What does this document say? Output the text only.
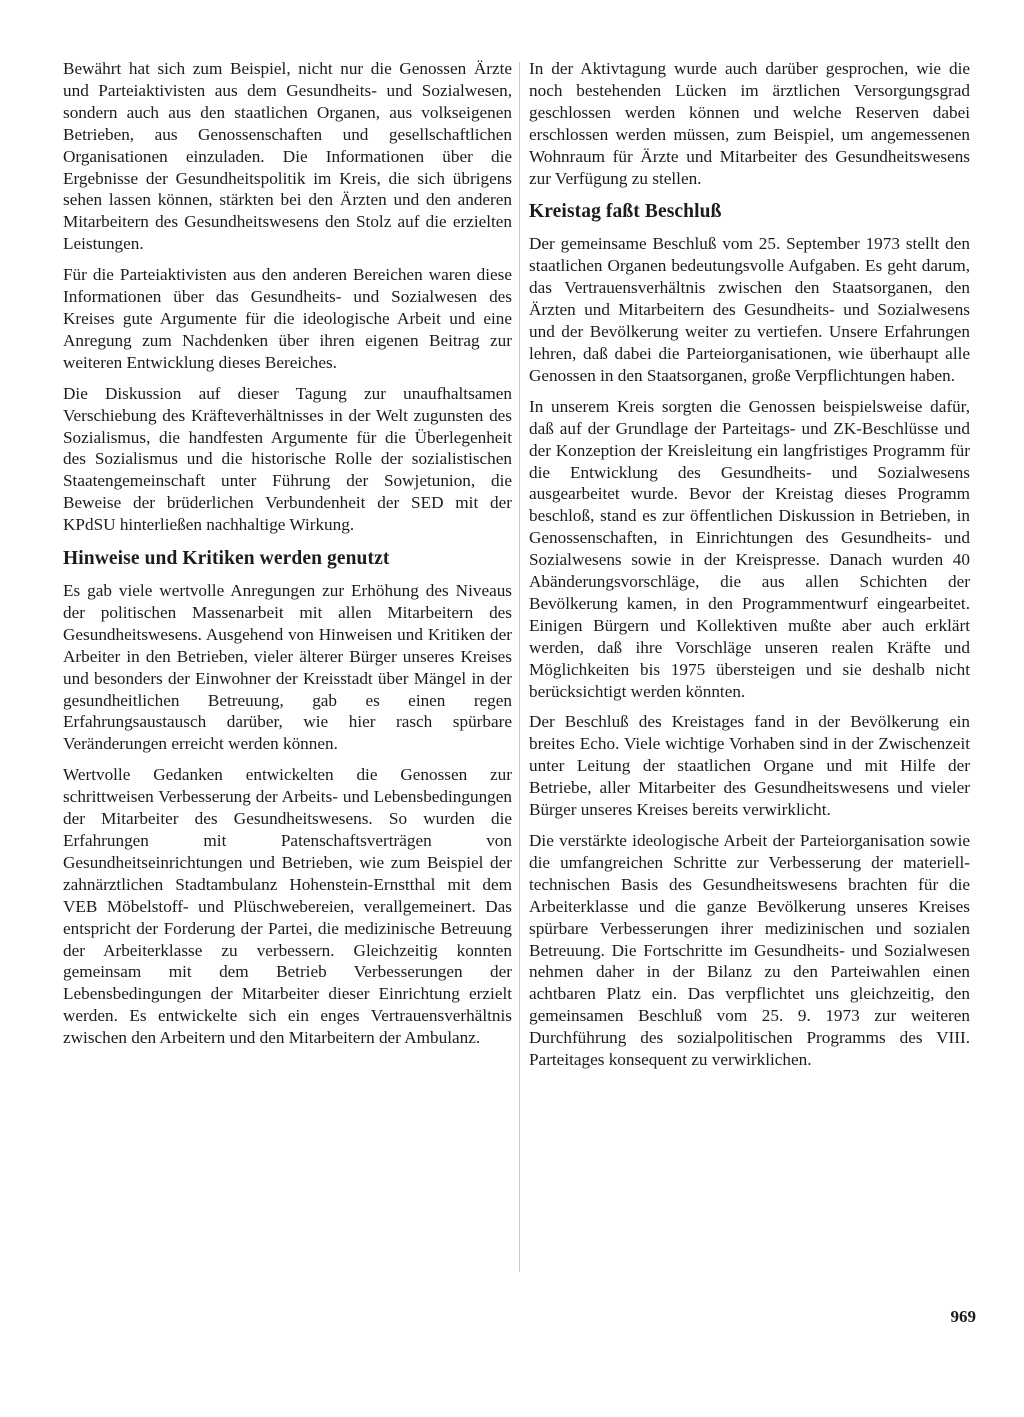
Bewährt hat sich zum Beispiel, nicht nur die Genossen Ärzte und Parteiaktivisten aus dem Gesundheits- und Sozialwesen, sondern auch aus den staatlichen Organen, aus volkseigenen Betrieben, aus Genossenschaften und gesellschaftlichen Organisationen einzuladen. Die Informationen über die Ergebnisse der Gesundheitspolitik im Kreis, die sich übrigens sehen lassen können, stärkten bei den Ärzten und den anderen Mitarbeitern des Gesundheitswesens den Stolz auf die erzielten Leistungen.

Für die Parteiaktivisten aus den anderen Bereichen waren diese Informationen über das Gesundheits- und Sozialwesen des Kreises gute Argumente für die ideologische Arbeit und eine Anregung zum Nachdenken über ihren eigenen Beitrag zur weiteren Entwicklung dieses Bereiches.

Die Diskussion auf dieser Tagung zur unaufhaltsamen Verschiebung des Kräfteverhältnisses in der Welt zugunsten des Sozialismus, die handfesten Argumente für die Überlegenheit des Sozialismus und die historische Rolle der sozialistischen Staatengemeinschaft unter Führung der Sowjetunion, die Beweise der brüderlichen Verbundenheit der SED mit der KPdSU hinterließen nachhaltige Wirkung.

Hinweise und Kritiken werden genutzt

Es gab viele wertvolle Anregungen zur Erhöhung des Niveaus der politischen Massenarbeit mit allen Mitarbeitern des Gesundheitswesens. Ausgehend von Hinweisen und Kritiken der Arbeiter in den Betrieben, vieler älterer Bürger unseres Kreises und besonders der Einwohner der Kreisstadt über Mängel in der gesundheitlichen Betreuung, gab es einen regen Erfahrungsaustausch darüber, wie hier rasch spürbare Veränderungen erreicht werden können.

Wertvolle Gedanken entwickelten die Genossen zur schrittweisen Verbesserung der Arbeits- und Lebensbedingungen der Mitarbeiter des Gesundheitswesens. So wurden die Erfahrungen mit Patenschaftsverträgen von Gesundheitseinrichtungen und Betrieben, wie zum Beispiel der zahnärztlichen Stadtambulanz Hohenstein-Ernstthal mit dem VEB Möbelstoff- und Plüschwebereien, verallgemeinert. Das entspricht der Forderung der Partei, die medizinische Betreuung der Arbeiterklasse zu verbessern. Gleichzeitig konnten gemeinsam mit dem Betrieb Verbesserungen der Lebensbedingungen der Mitarbeiter dieser Einrichtung erzielt werden. Es entwickelte sich ein enges Vertrauensverhältnis zwischen den Arbeitern und den Mitarbeitern der Ambulanz.

In der Aktivtagung wurde auch darüber gesprochen, wie die noch bestehenden Lücken im ärztlichen Versorgungsgrad geschlossen werden können und welche Reserven dabei erschlossen werden müssen, zum Beispiel, um angemessenen Wohnraum für Ärzte und Mitarbeiter des Gesundheitswesens zur Verfügung zu stellen.

Kreistag faßt Beschluß

Der gemeinsame Beschluß vom 25. September 1973 stellt den staatlichen Organen bedeutungsvolle Aufgaben. Es geht darum, das Vertrauensverhältnis zwischen den Staatsorganen, den Ärzten und Mitarbeitern des Gesundheits- und Sozialwesens und der Bevölkerung weiter zu vertiefen. Unsere Erfahrungen lehren, daß dabei die Parteiorganisationen, wie überhaupt alle Genossen in den Staatsorganen, große Verpflichtungen haben.

In unserem Kreis sorgten die Genossen beispielsweise dafür, daß auf der Grundlage der Parteitags- und ZK-Beschlüsse und der Konzeption der Kreisleitung ein langfristiges Programm für die Entwicklung des Gesundheits- und Sozialwesens ausgearbeitet wurde. Bevor der Kreistag dieses Programm beschloß, stand es zur öffentlichen Diskussion in Betrieben, in Genossenschaften, in Einrichtungen des Gesundheits- und Sozialwesens sowie in der Kreispresse. Danach wurden 40 Abänderungsvorschläge, die aus allen Schichten der Bevölkerung kamen, in den Programmentwurf eingearbeitet. Einigen Bürgern und Kollektiven mußte aber auch erklärt werden, daß ihre Vorschläge unseren realen Kräfte und Möglichkeiten bis 1975 übersteigen und sie deshalb nicht berücksichtigt werden könnten.

Der Beschluß des Kreistages fand in der Bevölkerung ein breites Echo. Viele wichtige Vorhaben sind in der Zwischenzeit unter Leitung der staatlichen Organe und mit Hilfe der Betriebe, aller Mitarbeiter des Gesundheitswesens und vieler Bürger unseres Kreises bereits verwirklicht.

Die verstärkte ideologische Arbeit der Parteiorganisation sowie die umfangreichen Schritte zur Verbesserung der materiell-technischen Basis des Gesundheitswesens brachten für die Arbeiterklasse und die ganze Bevölkerung unseres Kreises spürbare Verbesserungen ihrer medizinischen und sozialen Betreuung. Die Fortschritte im Gesundheits- und Sozialwesen nehmen daher in der Bilanz zu den Parteiwahlen einen achtbaren Platz ein. Das verpflichtet uns gleichzeitig, den gemeinsamen Beschluß vom 25. 9. 1973 zur weiteren Durchführung des sozialpolitischen Programms des VIII. Parteitages konsequent zu verwirklichen.

969
